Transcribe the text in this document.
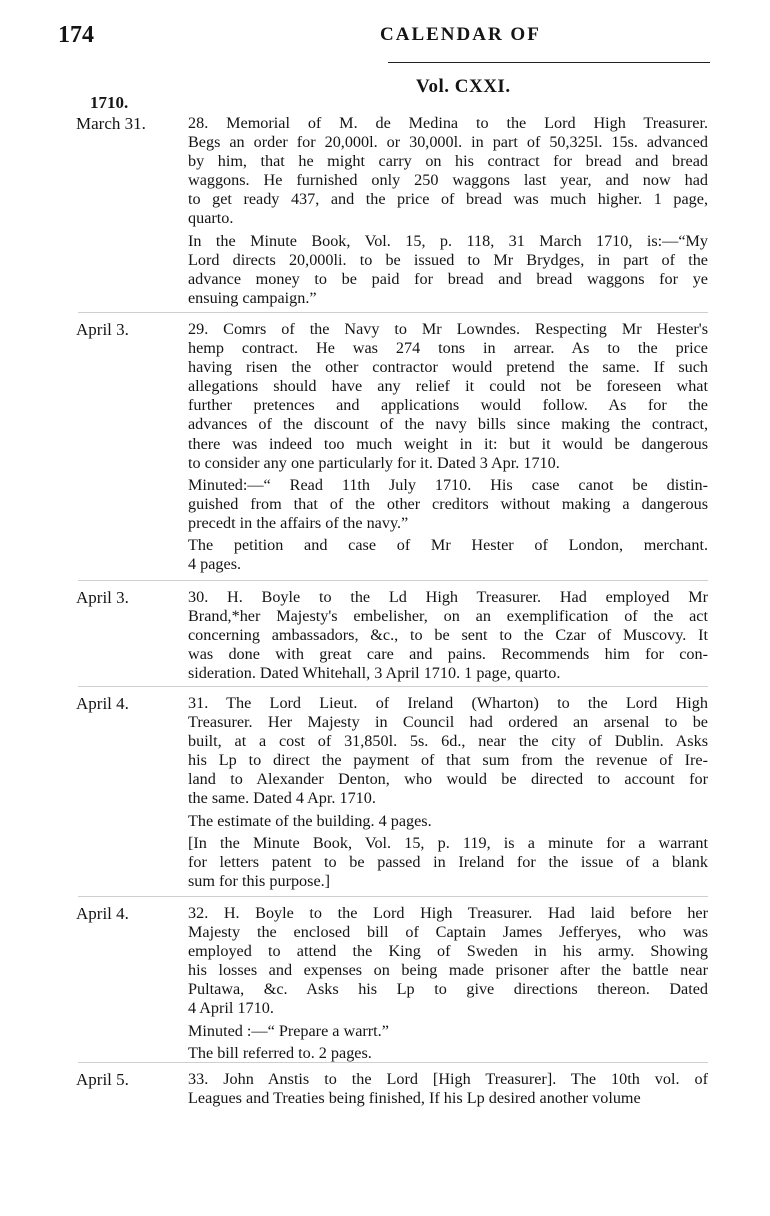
174	CALENDAR OF
Vol. CXXI.
1710.
March 31.	28. Memorial of M. de Medina to the Lord High Treasurer.
Begs an order for 20,000l. or 30,000l. in part of 50,325l. 15s. advanced
by him, that he might carry on his contract for bread and bread
waggons. He furnished only 250 waggons last year, and now had
to get ready 437, and the price of bread was much higher. 1 page,
quarto.
In the Minute Book, Vol. 15, p. 118, 31 March 1710, is:—“My
Lord directs 20,000li. to be issued to Mr Brydges, in part of the
advance money to be paid for bread and bread waggons for ye
ensuing campaign.”
April 3.	29. Comrs of the Navy to Mr Lowndes. Respecting Mr Hester's
hemp contract. He was 274 tons in arrear. As to the price
having risen the other contractor would pretend the same. If such
allegations should have any relief it could not be foreseen what
further pretences and applications would follow. As for the
advances of the discount of the navy bills since making the contract,
there was indeed too much weight in it: but it would be dangerous
to consider any one particularly for it. Dated 3 Apr. 1710.
Minuted:—“ Read 11th July 1710. His case canot be distin-
guished from that of the other creditors without making a dangerous
precedt in the affairs of the navy.”
The petition and case of Mr Hester of London, merchant.
4 pages.
April 3.	30. H. Boyle to the Ld High Treasurer. Had employed Mr
Brand,*her Majesty's embelisher, on an exemplification of the act
concerning ambassadors, &c., to be sent to the Czar of Muscovy. It
was done with great care and pains. Recommends him for con-
sideration. Dated Whitehall, 3 April 1710. 1 page, quarto.
April 4.	31. The Lord Lieut. of Ireland (Wharton) to the Lord High
Treasurer. Her Majesty in Council had ordered an arsenal to be
built, at a cost of 31,850l. 5s. 6d., near the city of Dublin. Asks
his Lp to direct the payment of that sum from the revenue of Ire-
land to Alexander Denton, who would be directed to account for
the same. Dated 4 Apr. 1710.
The estimate of the building. 4 pages.
[In the Minute Book, Vol. 15, p. 119, is a minute for a warrant
for letters patent to be passed in Ireland for the issue of a blank
sum for this purpose.]
April 4.	32. H. Boyle to the Lord High Treasurer. Had laid before her
Majesty the enclosed bill of Captain James Jefferyes, who was
employed to attend the King of Sweden in his army. Showing
his losses and expenses on being made prisoner after the battle near
Pultawa, &c. Asks his Lp to give directions thereon. Dated
4 April 1710.
Minuted :—“ Prepare a warrt.”
The bill referred to. 2 pages.
April 5.	33. John Anstis to the Lord [High Treasurer]. The 10th vol. of
Leagues and Treaties being finished, If his Lp desired another volume
